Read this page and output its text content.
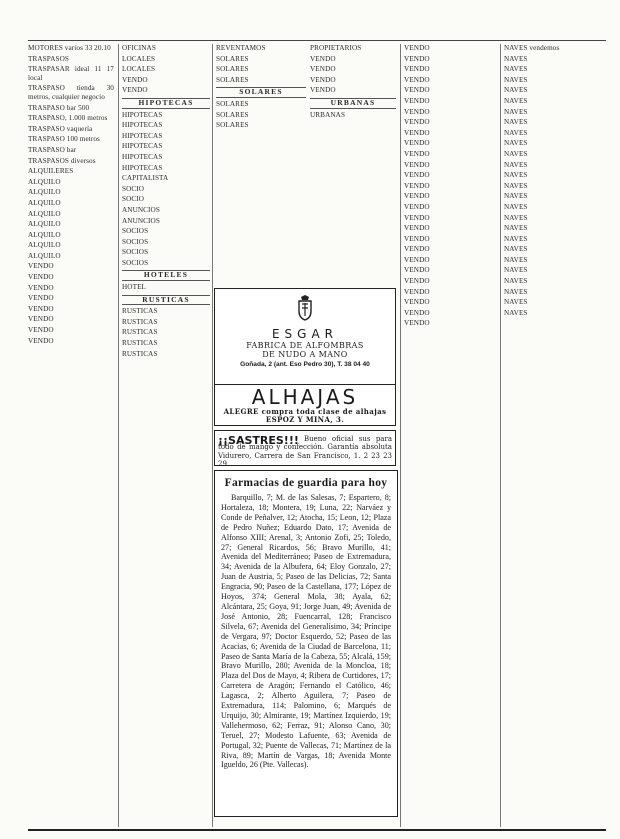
MOTORES varios 33 20.10
TRASPASOS
TRASPASAR ideal 11 17 local
TRASPASO tienda 30 metros, cualquier negocio
TRASPASO bar 500
TRASPASO, 1.000 metros
TRASPASO vaquería
TRASPASO 100 metros
TRASPASO bar
TRASPASOS diversos
ALQUILERES
ALQUILO
ALQUILO
ALQUILO
ALQUILO
ALQUILO
ALQUILO
ALQUILO
ALQUILO
VENDO
VENDO
VENDO
VENDO
VENDO
VENDO
VENDO
VENDO
OFICINAS
LOCALES
LOCALES
VENDO
VENDO
HIPOTECAS
HIPOTECAS
HIPOTECAS
HIPOTECAS
HIPOTECAS
HIPOTECAS
HIPOTECAS
CAPITALISTA
SOCIO
SOCIO
ANUNCIOS
ANUNCIOS
SOCIOS
SOCIOS
SOCIOS
SOCIOS
HOTELES
HOTEL
RUSTICAS
RUSTICAS
RUSTICAS
RUSTICAS
RUSTICAS
RUSTICAS
REVENTAMOS
SOLARES
SOLARES
SOLARES
SOLARES
SOLARES
SOLARES
SOLARES
PROPIETARIOS
VENDO
VENDO
VENDO
VENDO
URBANAS
URBANAS
VENDO
VENDO
VENDO
VENDO
VENDO
VENDO
VENDO
VENDO
VENDO
VENDO
VENDO
VENDO
VENDO
VENDO
VENDO
VENDO
VENDO
VENDO
VENDO
VENDO
VENDO
VENDO
VENDO
VENDO
VENDO
VENDO
VENDO
NAVES vendemos
NAVES
NAVES
NAVES
NAVES
NAVES
NAVES
NAVES
NAVES
NAVES
NAVES
NAVES
NAVES
NAVES
NAVES
NAVES
NAVES
NAVES
NAVES
NAVES
NAVES
NAVES
NAVES
NAVES
NAVES
NAVES
ESGAR
FABRICA DE ALFOMBRAS
DE NUDO A MANO
Goñada, 2 (ant. Eso Pedro 30), T. 38 04 40
ALHAJAS
ALEGRE compra toda clase de alhajas
ESPOZ Y MINA, 3.
Bueno oficial sus para todo de mango y confección. Garantía absoluta Vidurero, Carrera de San Francisco, 1. 2 23 23 29
¡¡SASTRES!!!
Farmacias de guardia para hoy
Barquillo, 7; M. de las Salesas, 7; Espartero, 8; Hortaleza, 18; Montera, 19; Luna, 22; Narváez y Conde de Peñalver, 12; Atocha, 15; Leon, 12; Plaza de Pedro Nuñez; Eduardo Dato, 17; Avenida de Alfonso XIII; Arenal, 3; Antonio Zofi, 25; Toledo, 27; General Ricardos, 56; Bravo Murillo, 41; Avenida del Mediterráneo; Paseo de Extremadura, 34; Avenida de la Albufera, 64; Eloy Gonzalo, 27; Juan de Austria, 5; Paseo de las Delicias, 72; Santa Engracia, 90; Paseo de la Castellana, 177; López de Hoyos, 374; General Mola, 38; Ayala, 62; Alcántara, 25; Goya, 91; Jorge Juan, 49; Avenida de José Antonio, 28; Fuencarral, 128; Francisco Silvela, 67; Avenida del Generalísimo, 34; Príncipe de Vergara, 97; Doctor Esquerdo, 52; Paseo de las Acacias, 6; Avenida de la Ciudad de Barcelona, 11; Paseo de Santa María de la Cabeza, 55; Alcalá, 159; Bravo Murillo, 280; Avenida de la Moncloa, 18; Plaza del Dos de Mayo, 4; Ribera de Curtidores, 17; Carretera de Aragón; Fernando el Católico, 46; Lagasca, 2; Alberto Aguilera, 7; Paseo de Extremadura, 114; Palomino, 6; Marqués de Urquijo, 30; Almirante, 19; Martínez Izquierdo, 19; Vallehermoso, 62; Ferraz, 91; Alonso Cano, 30; Teruel, 27; Modesto Lafuente, 63; Avenida de Portugal, 32; Puente de Vallecas, 71; Martínez de la Riva, 89; Martín de Vargas, 18; Avenida Monte Igueldo, 26 (Pte. Vallecas).
